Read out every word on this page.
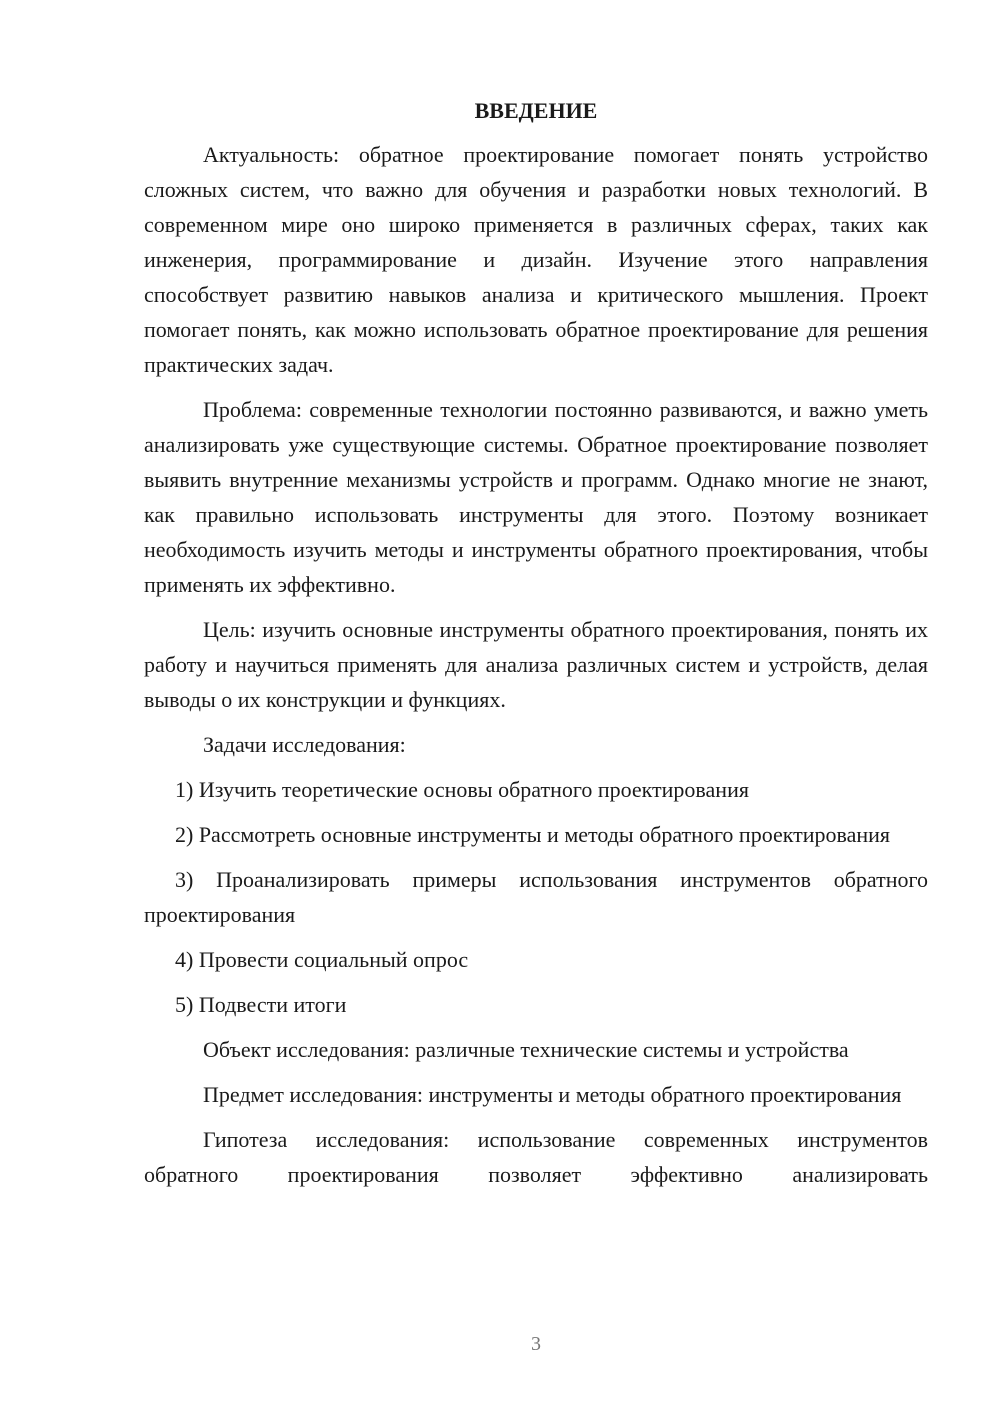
ВВЕДЕНИЕ

Актуальность: обратное проектирование помогает понять устройство сложных систем, что важно для обучения и разработки новых технологий. В современном мире оно широко применяется в различных сферах, таких как инженерия, программирование и дизайн. Изучение этого направления способствует развитию навыков анализа и критического мышления. Проект помогает понять, как можно использовать обратное проектирование для решения практических задач.

Проблема: современные технологии постоянно развиваются, и важно уметь анализировать уже существующие системы. Обратное проектирование позволяет выявить внутренние механизмы устройств и программ. Однако многие не знают, как правильно использовать инструменты для этого. Поэтому возникает необходимость изучить методы и инструменты обратного проектирования, чтобы применять их эффективно.

Цель: изучить основные инструменты обратного проектирования, понять их работу и научиться применять для анализа различных систем и устройств, делая выводы о их конструкции и функциях.

Задачи исследования:

1) Изучить теоретические основы обратного проектирования

2) Рассмотреть основные инструменты и методы обратного проектирования

3) Проанализировать примеры использования инструментов обратного проектирования

4) Провести социальный опрос

5) Подвести итоги

Объект исследования: различные технические системы и устройства

Предмет исследования: инструменты и методы обратного проектирования

Гипотеза исследования: использование современных инструментов обратного проектирования позволяет эффективно анализировать

3
